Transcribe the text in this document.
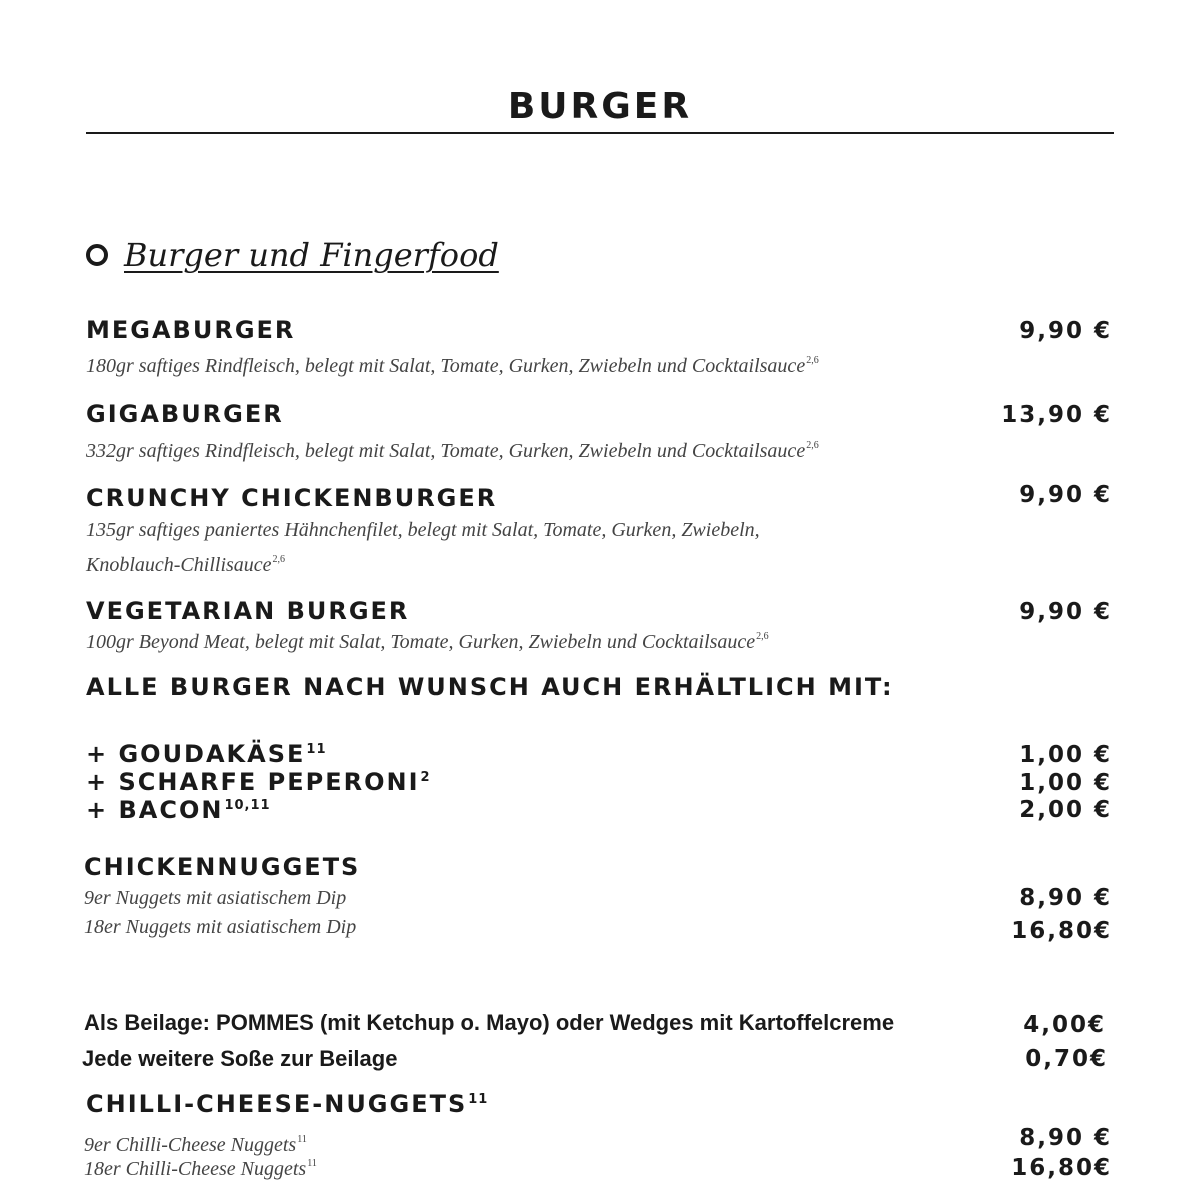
BURGER
Burger und Fingerfood
MEGABURGER
180gr saftiges Rindfleisch, belegt mit Salat, Tomate, Gurken, Zwiebeln und Cocktailsauce$^{2,6}$
9,90 €
GIGABURGER
332gr saftiges Rindfleisch, belegt mit Salat, Tomate, Gurken, Zwiebeln und Cocktailsauce$^{2,6}$
13,90 €
CRUNCHY CHICKENBURGER
135gr saftiges paniertes Hähnchenfilet, belegt mit Salat, Tomate, Gurken, Zwiebeln,
Knoblauch-Chillisauce$^{2,6}$
9,90 €
VEGETARIAN BURGER
100gr Beyond Meat, belegt mit Salat, Tomate, Gurken, Zwiebeln und Cocktailsauce$^{2,6}$
9,90 €
ALLE BURGER NACH WUNSCH AUCH ERHÄLTLICH MIT:
+ GOUDAKÄSE$^{11}$	1,00 €
+ SCHARFE PEPERONI$^2$	1,00 €
+ BACON$^{10,11}$	2,00 €
CHICKENNUGGETS
9er Nuggets mit asiatischem Dip	8,90 €
18er Nuggets mit asiatischem Dip	16,80€
Als Beilage: POMMES (mit Ketchup o. Mayo) oder Wedges mit Kartoffelcreme	4,00€
Jede weitere Soße zur Beilage	0,70€
CHILLI-CHEESE-NUGGETS$^{11}$
9er Chilli-Cheese Nuggets$^{11}$	8,90 €
18er Chilli-Cheese Nuggets$^{11}$	16,80€
